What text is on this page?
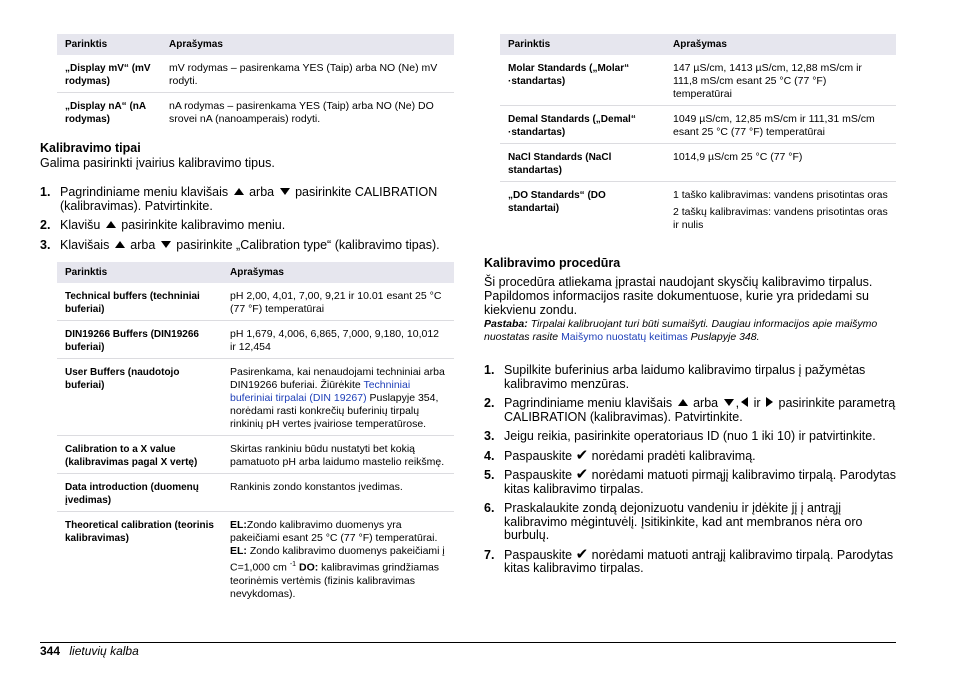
Parinktis	Aprašymas
„Display mV“ (mV rodymas)	mV rodymas – pasirenkama YES (Taip) arba NO (Ne) mV rodyti.
„Display nA“ (nA rodymas)	nA rodymas – pasirenkama YES (Taip) arba NO (Ne) DO srovei nA (nanoamperais) rodyti.
Kalibravimo tipai
Galima pasirinkti įvairius kalibravimo tipus.
1. Pagrindiniame meniu klavišais arba pasirinkite CALIBRATION (kalibravimas). Patvirtinkite.
2. Klavišu pasirinkite kalibravimo meniu.
3. Klavišais arba pasirinkite „Calibration type“ (kalibravimo tipas).
Parinktis	Aprašymas
Technical buffers (techniniai buferiai)	pH 2,00, 4,01, 7,00, 9,21 ir 10.01 esant 25 °C (77 °F) temperatūrai
DIN19266 Buffers (DIN19266 buferiai)	pH 1,679, 4,006, 6,865, 7,000, 9,180, 10,012 ir 12,454
User Buffers (naudotojo buferiai)	Pasirenkama, kai nenaudojami techniniai arba DIN19266 buferiai. Žiūrėkite Techniniai buferiniai tirpalai (DIN 19267) Puslapyje 354, norėdami rasti konkrečių buferinių tirpalų rinkinių pH vertes įvairiose temperatūrose.
Calibration to a X value (kalibravimas pagal X vertę)	Skirtas rankiniu būdu nustatyti bet kokią pamatuoto pH arba laidumo mastelio reikšmę.
Data introduction (duomenų įvedimas)	Rankinis zondo konstantos įvedimas.
Theoretical calibration (teorinis kalibravimas)	EL:Zondo kalibravimo duomenys yra pakeičiami esant 25 °C (77 °F) temperatūrai. EL: Zondo kalibravimo duomenys pakeičiami į C=1,000 cm $^{-1}$ DO: kalibravimas grindžiamas teorinėmis vertėmis (fizinis kalibravimas nevykdomas).
Parinktis	Aprašymas
Molar Standards („Molar“ ·standartas)	147 µS/cm, 1413 µS/cm, 12,88 mS/cm ir 111,8 mS/cm esant 25 °C (77 °F) temperatūrai
Demal Standards („Demal“ ·standartas)	1049 µS/cm, 12,85 mS/cm ir 111,31 mS/cm esant 25 °C (77 °F) temperatūrai
NaCl Standards (NaCl standartas)	1014,9 µS/cm 25 °C (77 °F)
„DO Standards“ (DO standartai)	1 taško kalibravimas: vandens prisotintas oras

2 taškų kalibravimas: vandens prisotintas oras ir nulis

Kalibravimo procedūra
Ši procedūra atliekama įprastai naudojant skysčių kalibravimo tirpalus. Papildomos informacijos rasite dokumentuose, kurie yra pridedami su kiekvienu zondu.
Pastaba: Tirpalai kalibruojant turi būti sumaišyti. Daugiau informacijos apie maišymo nuostatas rasite Maišymo nuostatų keitimas Puslapyje 348.
1. Supilkite buferinius arba laidumo kalibravimo tirpalus į pažymėtas kalibravimo menzūras.
2. Pagrindiniame meniu klavišais arba , ir pasirinkite parametrą CALIBRATION (kalibravimas). Patvirtinkite.
3. Jeigu reikia, pasirinkite operatoriaus ID (nuo 1 iki 10) ir patvirtinkite.
4. Paspauskite ✔ norėdami pradėti kalibravimą.
5. Paspauskite ✔ norėdami matuoti pirmąjį kalibravimo tirpalą. Parodytas kitas kalibravimo tirpalas.
6. Praskalaukite zondą dejonizuotu vandeniu ir įdėkite jį į antrąjį kalibravimo mėgintuvėlį. Įsitikinkite, kad ant membranos nėra oro burbulų.
7. Paspauskite ✔ norėdami matuoti antrąjį kalibravimo tirpalą. Parodytas kitas kalibravimo tirpalas.
344 lietuvių kalba
